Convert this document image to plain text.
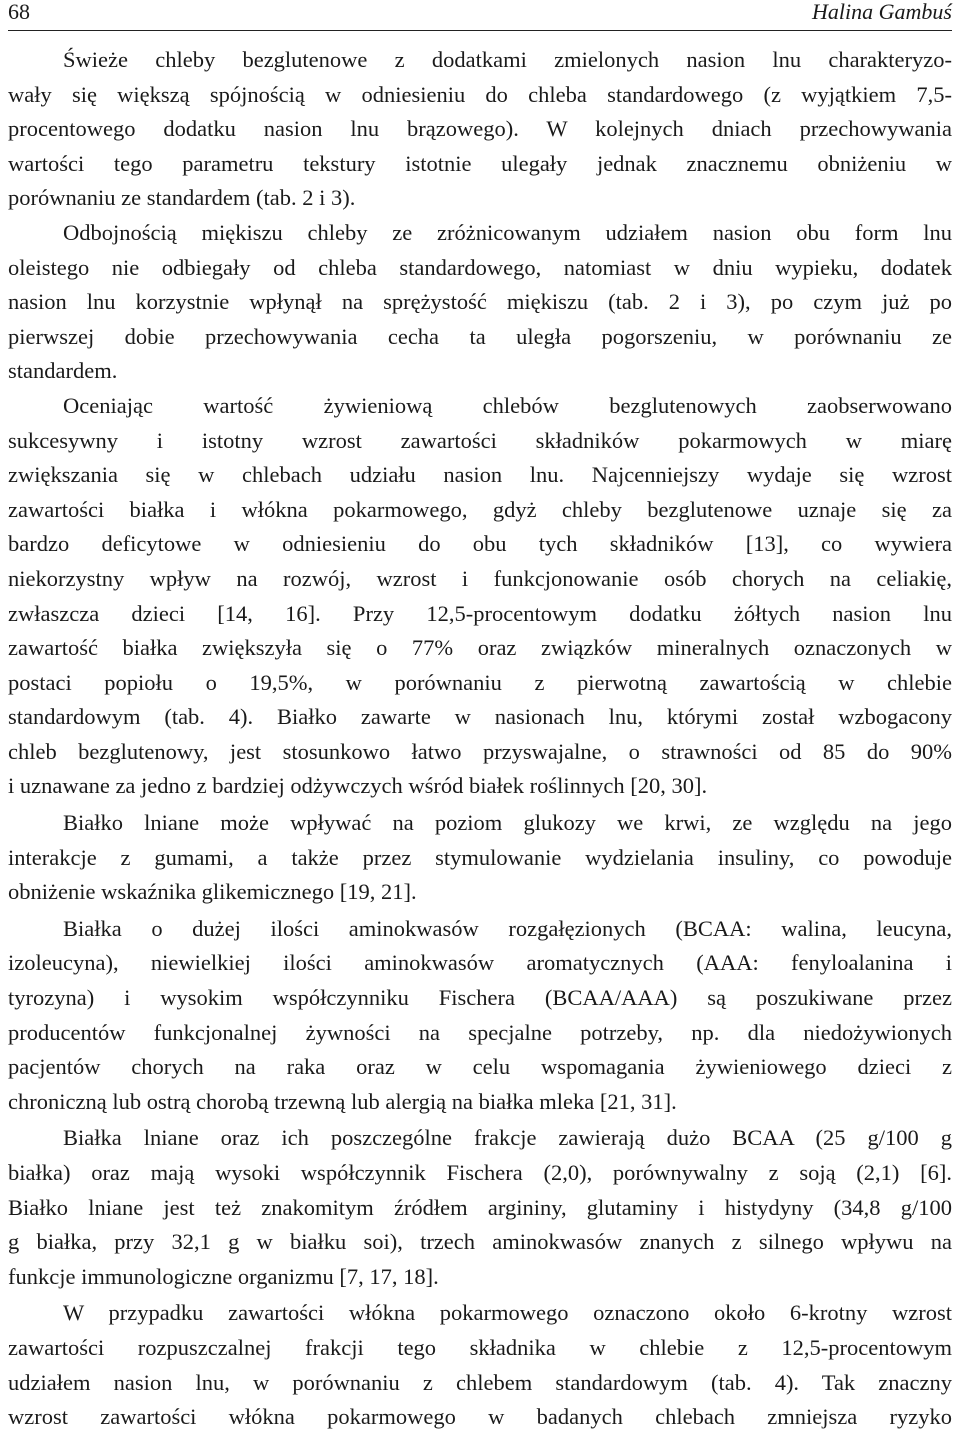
68	Halina Gambuś

Świeże chleby bezglutenowe z dodatkami zmielonych nasion lnu charakteryzo-
wały się większą spójnością w odniesieniu do chleba standardowego (z wyjątkiem 7,5-
procentowego dodatku nasion lnu brązowego). W kolejnych dniach przechowywania
wartości tego parametru tekstury istotnie ulegały jednak znacznemu obniżeniu w
porównaniu ze standardem (tab. 2 i 3).

Odbojnością miękiszu chleby ze zróżnicowanym udziałem nasion obu form lnu
oleistego nie odbiegały od chleba standardowego, natomiast w dniu wypieku, dodatek
nasion lnu korzystnie wpłynął na sprężystość miękiszu (tab. 2 i 3), po czym już po
pierwszej dobie przechowywania cecha ta uległa pogorszeniu, w porównaniu ze
standardem.

Oceniając wartość żywieniową chlebów bezglutenowych zaobserwowano
sukcesywny i istotny wzrost zawartości składników pokarmowych w miarę
zwiększania się w chlebach udziału nasion lnu. Najcenniejszy wydaje się wzrost
zawartości białka i włókna pokarmowego, gdyż chleby bezglutenowe uznaje się za
bardzo deficytowe w odniesieniu do obu tych składników [13], co wywiera
niekorzystny wpływ na rozwój, wzrost i funkcjonowanie osób chorych na celiakię,
zwłaszcza dzieci [14, 16]. Przy 12,5-procentowym dodatku żółtych nasion lnu
zawartość białka zwiększyła się o 77% oraz związków mineralnych oznaczonych w
postaci popiołu o 19,5%, w porównaniu z pierwotną zawartością w chlebie
standardowym (tab. 4). Białko zawarte w nasionach lnu, którymi został wzbogacony
chleb bezglutenowy, jest stosunkowo łatwo przyswajalne, o strawności od 85 do 90%
i uznawane za jedno z bardziej odżywczych wśród białek roślinnych [20, 30].

Białko lniane może wpływać na poziom glukozy we krwi, ze względu na jego
interakcje z gumami, a także przez stymulowanie wydzielania insuliny, co powoduje
obniżenie wskaźnika glikemicznego [19, 21].

Białka o dużej ilości aminokwasów rozgałęzionych (BCAA: walina, leucyna,
izoleucyna), niewielkiej ilości aminokwasów aromatycznych (AAA: fenyloalanina i
tyrozyna) i wysokim współczynniku Fischera (BCAA/AAA) są poszukiwane przez
producentów funkcjonalnej żywności na specjalne potrzeby, np. dla niedożywionych
pacjentów chorych na raka oraz w celu wspomagania żywieniowego dzieci z
chroniczną lub ostrą chorobą trzewną lub alergią na białka mleka [21, 31].

Białka lniane oraz ich poszczególne frakcje zawierają dużo BCAA (25 g/100 g
białka) oraz mają wysoki współczynnik Fischera (2,0), porównywalny z soją (2,1) [6].
Białko lniane jest też znakomitym źródłem argininy, glutaminy i histydyny (34,8 g/100
g białka, przy 32,1 g w białku soi), trzech aminokwasów znanych z silnego wpływu na
funkcje immunologiczne organizmu [7, 17, 18].

W przypadku zawartości włókna pokarmowego oznaczono około 6-krotny wzrost
zawartości rozpuszczalnej frakcji tego składnika w chlebie z 12,5-procentowym
udziałem nasion lnu, w porównaniu z chlebem standardowym (tab. 4). Tak znaczny
wzrost zawartości włókna pokarmowego w badanych chlebach zmniejsza ryzyko
